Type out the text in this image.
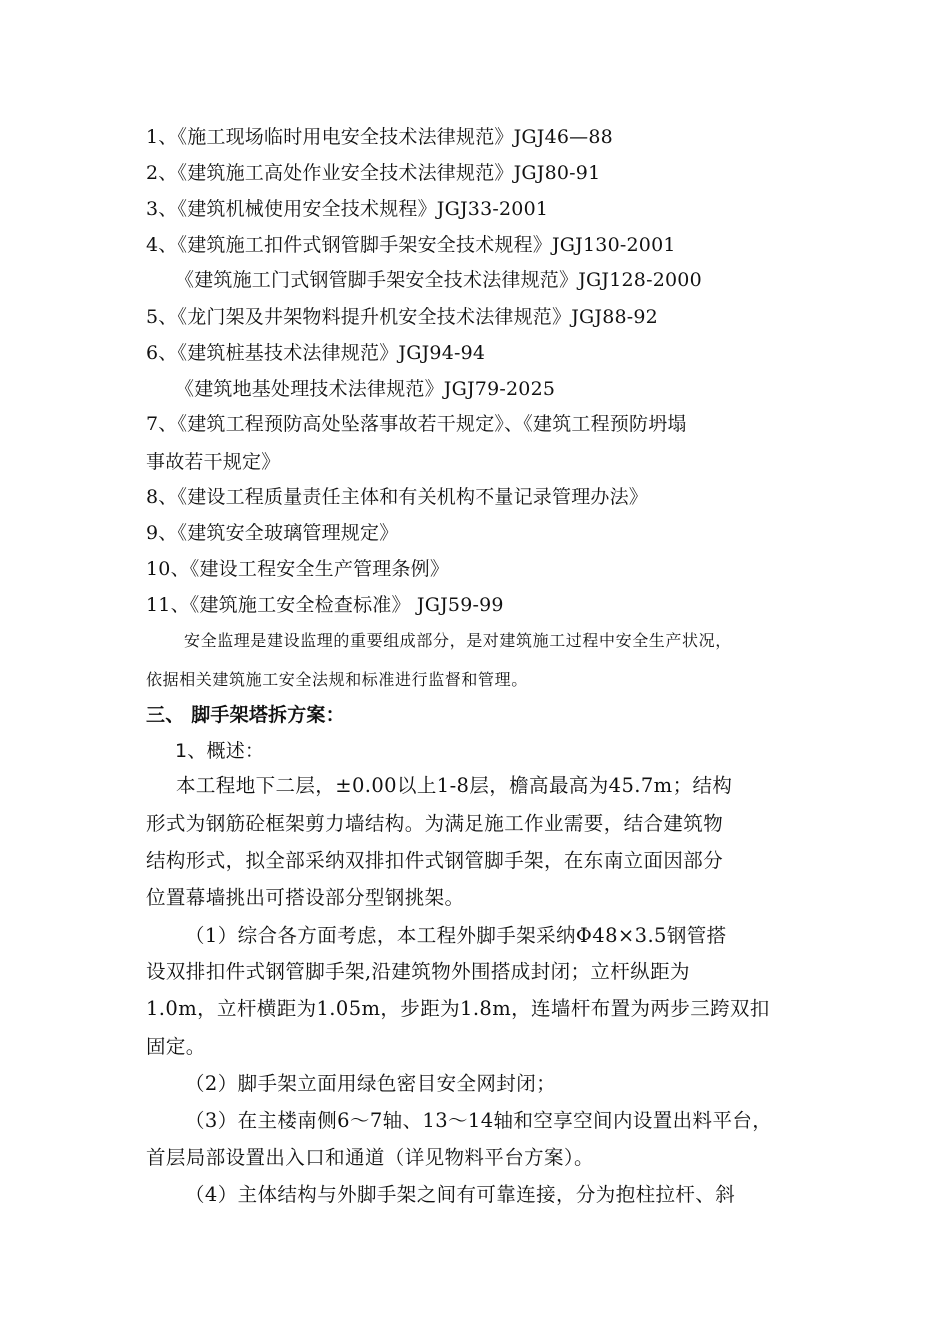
1、《施工现场临时用电安全技术法律规范》JGJ46—88
2、《建筑施工高处作业安全技术法律规范》JGJ80-91
3、《建筑机械使用安全技术规程》JGJ33-2001
4、《建筑施工扣件式钢管脚手架安全技术规程》JGJ130-2001
《建筑施工门式钢管脚手架安全技术法律规范》JGJ128-2000
5、《龙门架及井架物料提升机安全技术法律规范》JGJ88-92
6、《建筑桩基技术法律规范》JGJ94-94
《建筑地基处理技术法律规范》JGJ79-2025
7、《建筑工程预防高处坠落事故若干规定》、《建筑工程预防坍塌
事故若干规定》
8、《建设工程质量责任主体和有关机构不量记录管理办法》
9、《建筑安全玻璃管理规定》
10、《建设工程安全生产管理条例》
11、《建筑施工安全检查标准》 JGJ59-99
安全监理是建设监理的重要组成部分，是对建筑施工过程中安全生产状况，
依据相关建筑施工安全法规和标准进行监督和管理。
三、 脚手架塔拆方案：
1、概述：
本工程地下二层，±0.00以上1-8层，檐高最高为45.7m；结构
形式为钢筋砼框架剪力墙结构。为满足施工作业需要，结合建筑物
结构形式，拟全部采纳双排扣件式钢管脚手架，在东南立面因部分
位置幕墙挑出可搭设部分型钢挑架。
（1）综合各方面考虑，本工程外脚手架采纳Φ48×3.5钢管搭
设双排扣件式钢管脚手架,沿建筑物外围搭成封闭；立杆纵距为
1.0m，立杆横距为1.05m，步距为1.8m，连墙杆布置为两步三跨双扣
固定。
（2）脚手架立面用绿色密目安全网封闭；
（3）在主楼南侧6～7轴、13～14轴和空享空间内设置出料平台，
首层局部设置出入口和通道（详见物料平台方案）。
（4）主体结构与外脚手架之间有可靠连接，分为抱柱拉杆、斜
